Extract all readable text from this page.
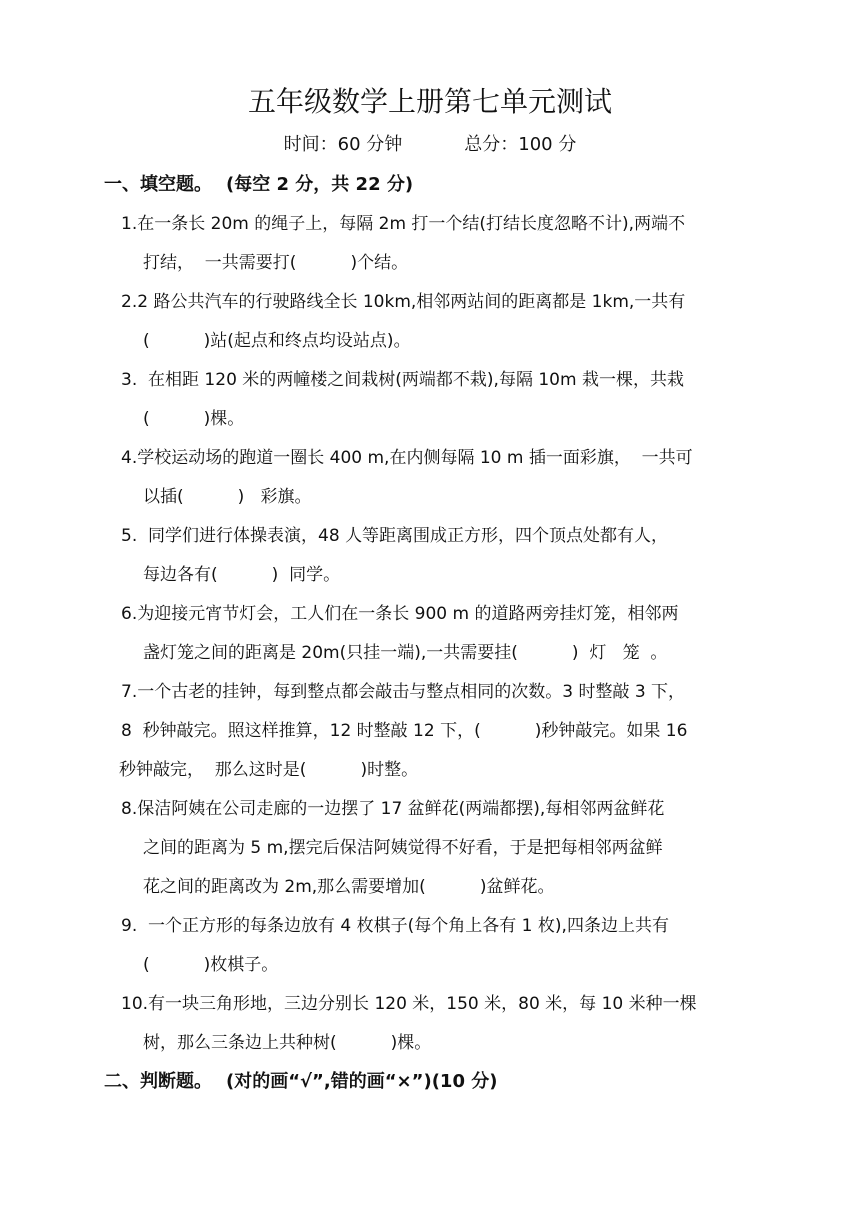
五年级数学上册第七单元测试
时间：60 分钟	总分：100 分
一、填空题。 (每空 2 分，共 22 分)
1.在一条长 20m 的绳子上，每隔 2m 打一个结(打结长度忽略不计),两端不
打结，  一共需要打(          )个结。
2.2 路公共汽车的行驶路线全长 10km,相邻两站间的距离都是 1km,一共有
(          )站(起点和终点均设站点)。
3.  在相距 120 米的两幢楼之间栽树(两端都不栽),每隔 10m 栽一棵，共栽
(          )棵。
4.学校运动场的跑道一圈长 400 m,在内侧每隔 10 m 插一面彩旗，  一共可
以插(          )   彩旗。
5.  同学们进行体操表演，48 人等距离围成正方形，四个顶点处都有人，
每边各有(          )  同学。
6.为迎接元宵节灯会，工人们在一条长 900 m 的道路两旁挂灯笼，相邻两
盏灯笼之间的距离是 20m(只挂一端),一共需要挂(          )  灯   笼  。
7.一个古老的挂钟，每到整点都会敲击与整点相同的次数。3 时整敲 3 下，
8  秒钟敲完。照这样推算，12 时整敲 12 下，(          )秒钟敲完。如果 16
秒钟敲完，  那么这时是(          )时整。
8.保洁阿姨在公司走廊的一边摆了 17 盆鲜花(两端都摆),每相邻两盆鲜花
之间的距离为 5 m,摆完后保洁阿姨觉得不好看，于是把每相邻两盆鲜
花之间的距离改为 2m,那么需要增加(          )盆鲜花。
9.  一个正方形的每条边放有 4 枚棋子(每个角上各有 1 枚),四条边上共有
(          )枚棋子。
10.有一块三角形地，三边分别长 120 米，150 米，80 米，每 10 米种一棵
树，那么三条边上共种树(          )棵。
二、判断题。 (对的画“√”,错的画“×”)(10 分)
